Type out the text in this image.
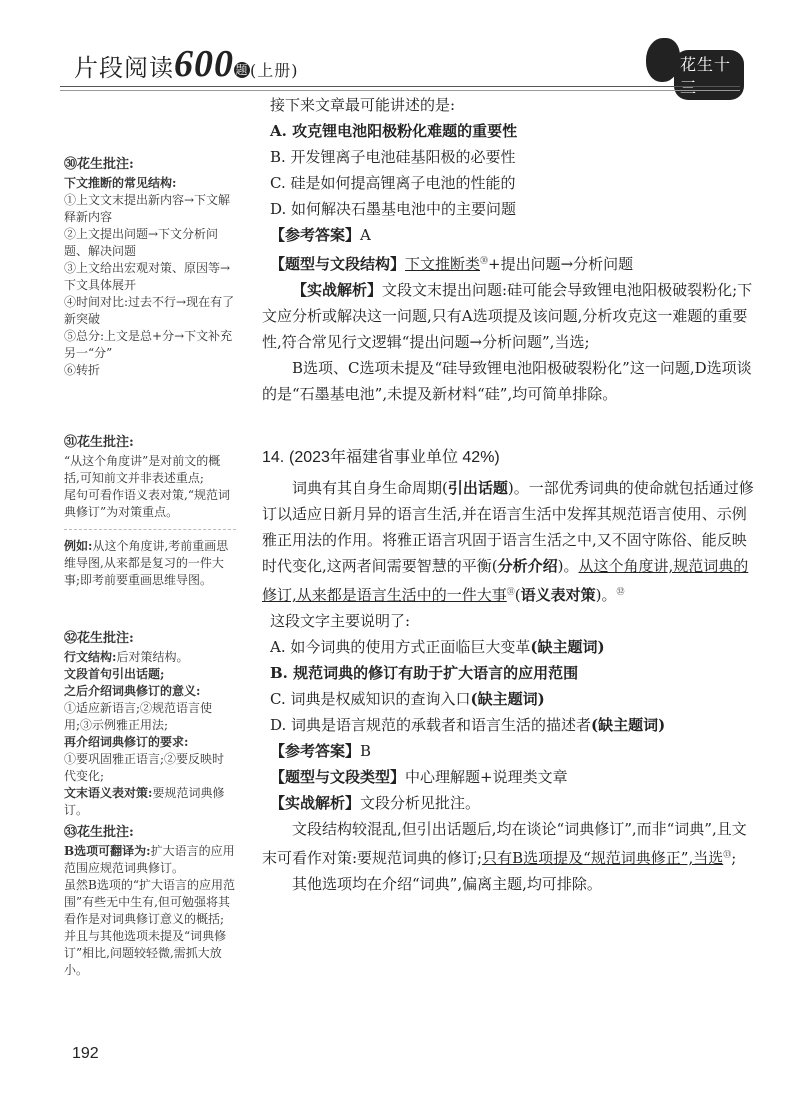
片段阅读600题(上册)	花生十三
㉚花生批注:
下文推断的常见结构:
①上文文末提出新内容→下文解释新内容
②上文提出问题→下文分析问题、解决问题
③上文给出宏观对策、原因等→下文具体展开
④时间对比:过去不行→现在有了新突破
⑤总分:上文是总+分→下文补充另一“分”
⑥转折
㉛花生批注:
“从这个角度讲”是对前文的概括,可知前文并非表述重点;
尾句可看作语义表对策,“规范词典修订”为对策重点。
例如:从这个角度讲,考前重画思维导图,从来都是复习的一件大事;即考前要重画思维导图。
㉜花生批注:
行文结构:后对策结构。
文段首句引出话题;
之后介绍词典修订的意义:
①适应新语言;②规范语言使用;③示例雅正用法;
再介绍词典修订的要求:
①要巩固雅正语言;②要反映时代变化;
文末语义表对策:要规范词典修订。
㉝花生批注:
B选项可翻译为:扩大语言的应用范围应规范词典修订。
虽然B选项的“扩大语言的应用范围”有些无中生有,但可勉强将其看作是对词典修订意义的概括;
并且与其他选项未提及“词典修订”相比,问题较轻微,需抓大放小。

接下来文章最可能讲述的是:

A. 攻克锂电池阳极粉化难题的重要性

B. 开发锂离子电池硅基阳极的必要性

C. 硅是如何提高锂离子电池的性能的

D. 如何解决石墨基电池中的主要问题

【参考答案】A

【题型与文段结构】下文推断类$^㉚$+提出问题→分析问题

【实战解析】文段文末提出问题:硅可能会导致锂电池阳极破裂粉化;下文应分析或解决这一问题,只有A选项提及该问题,分析攻克这一难题的重要性,符合常见行文逻辑“提出问题→分析问题”,当选;

B选项、C选项未提及“硅导致锂电池阳极破裂粉化”这一问题,D选项谈的是“石墨基电池”,未提及新材料“硅”,均可简单排除。

14. (2023年福建省事业单位 42%)

词典有其自身生命周期(引出话题)。一部优秀词典的使命就包括通过修订以适应日新月异的语言生活,并在语言生活中发挥其规范语言使用、示例雅正用法的作用。将雅正语言巩固于语言生活之中,又不固守陈俗、能反映时代变化,这两者间需要智慧的平衡(分析介绍)。从这个角度讲,规范词典的修订,从来都是语言生活中的一件大事$^㉛$(语义表对策)。$^㉜$

这段文字主要说明了:

A. 如今词典的使用方式正面临巨大变革(缺主题词)

B. 规范词典的修订有助于扩大语言的应用范围

C. 词典是权威知识的查询入口(缺主题词)

D. 词典是语言规范的承载者和语言生活的描述者(缺主题词)

【参考答案】B

【题型与文段类型】中心理解题+说理类文章

【实战解析】文段分析见批注。

文段结构较混乱,但引出话题后,均在谈论“词典修订”,而非“词典”,且文末可看作对策:要规范词典的修订;只有B选项提及“规范词典修正”,当选$^㉝$;

其他选项均在介绍“词典”,偏离主题,均可排除。

192
